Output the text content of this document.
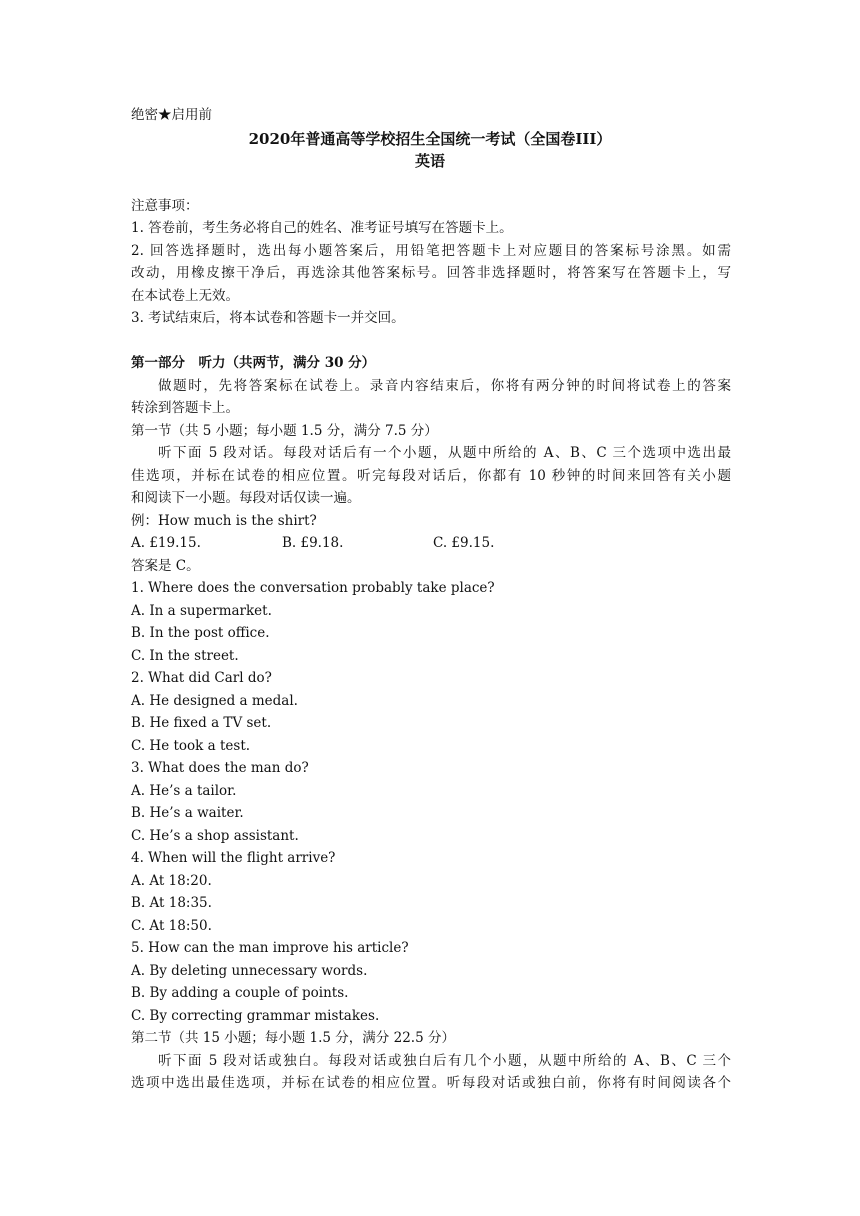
绝密★启用前
2020年普通高等学校招生全国统一考试（全国卷III）
英语
注意事项：
1. 答卷前，考生务必将自己的姓名、准考证号填写在答题卡上。
2. 回答选择题时，选出每小题答案后，用铅笔把答题卡上对应题目的答案标号涂黑。如需
改动，用橡皮擦干净后，再选涂其他答案标号。回答非选择题时，将答案写在答题卡上，写
在本试卷上无效。
3. 考试结束后，将本试卷和答题卡一并交回。
第一部分　听力（共两节，满分 30 分）
做题时，先将答案标在试卷上。录音内容结束后，你将有两分钟的时间将试卷上的答案
转涂到答题卡上。
第一节（共 5 小题；每小题 1.5 分，满分 7.5 分）
听下面 5 段对话。每段对话后有一个小题，从题中所给的 A、B、C 三个选项中选出最
佳选项，并标在试卷的相应位置。听完每段对话后，你都有 10 秒钟的时间来回答有关小题
和阅读下一小题。每段对话仅读一遍。
例：How much is the shirt?
A. £19.15.	B. £9.18.	C. £9.15.
答案是 C。
1. Where does the conversation probably take place?
A. In a supermarket.
B. In the post office.
C. In the street.
2. What did Carl do?
A. He designed a medal.
B. He fixed a TV set.
C. He took a test.
3. What does the man do?
A. He’s a tailor.
B. He’s a waiter.
C. He’s a shop assistant.
4. When will the flight arrive?
A. At 18:20.
B. At 18:35.
C. At 18:50.
5. How can the man improve his article?
A. By deleting unnecessary words.
B. By adding a couple of points.
C. By correcting grammar mistakes.
第二节（共 15 小题；每小题 1.5 分，满分 22.5 分）
听下面 5 段对话或独白。每段对话或独白后有几个小题，从题中所给的 A、B、C 三个
选项中选出最佳选项，并标在试卷的相应位置。听每段对话或独白前，你将有时间阅读各个
